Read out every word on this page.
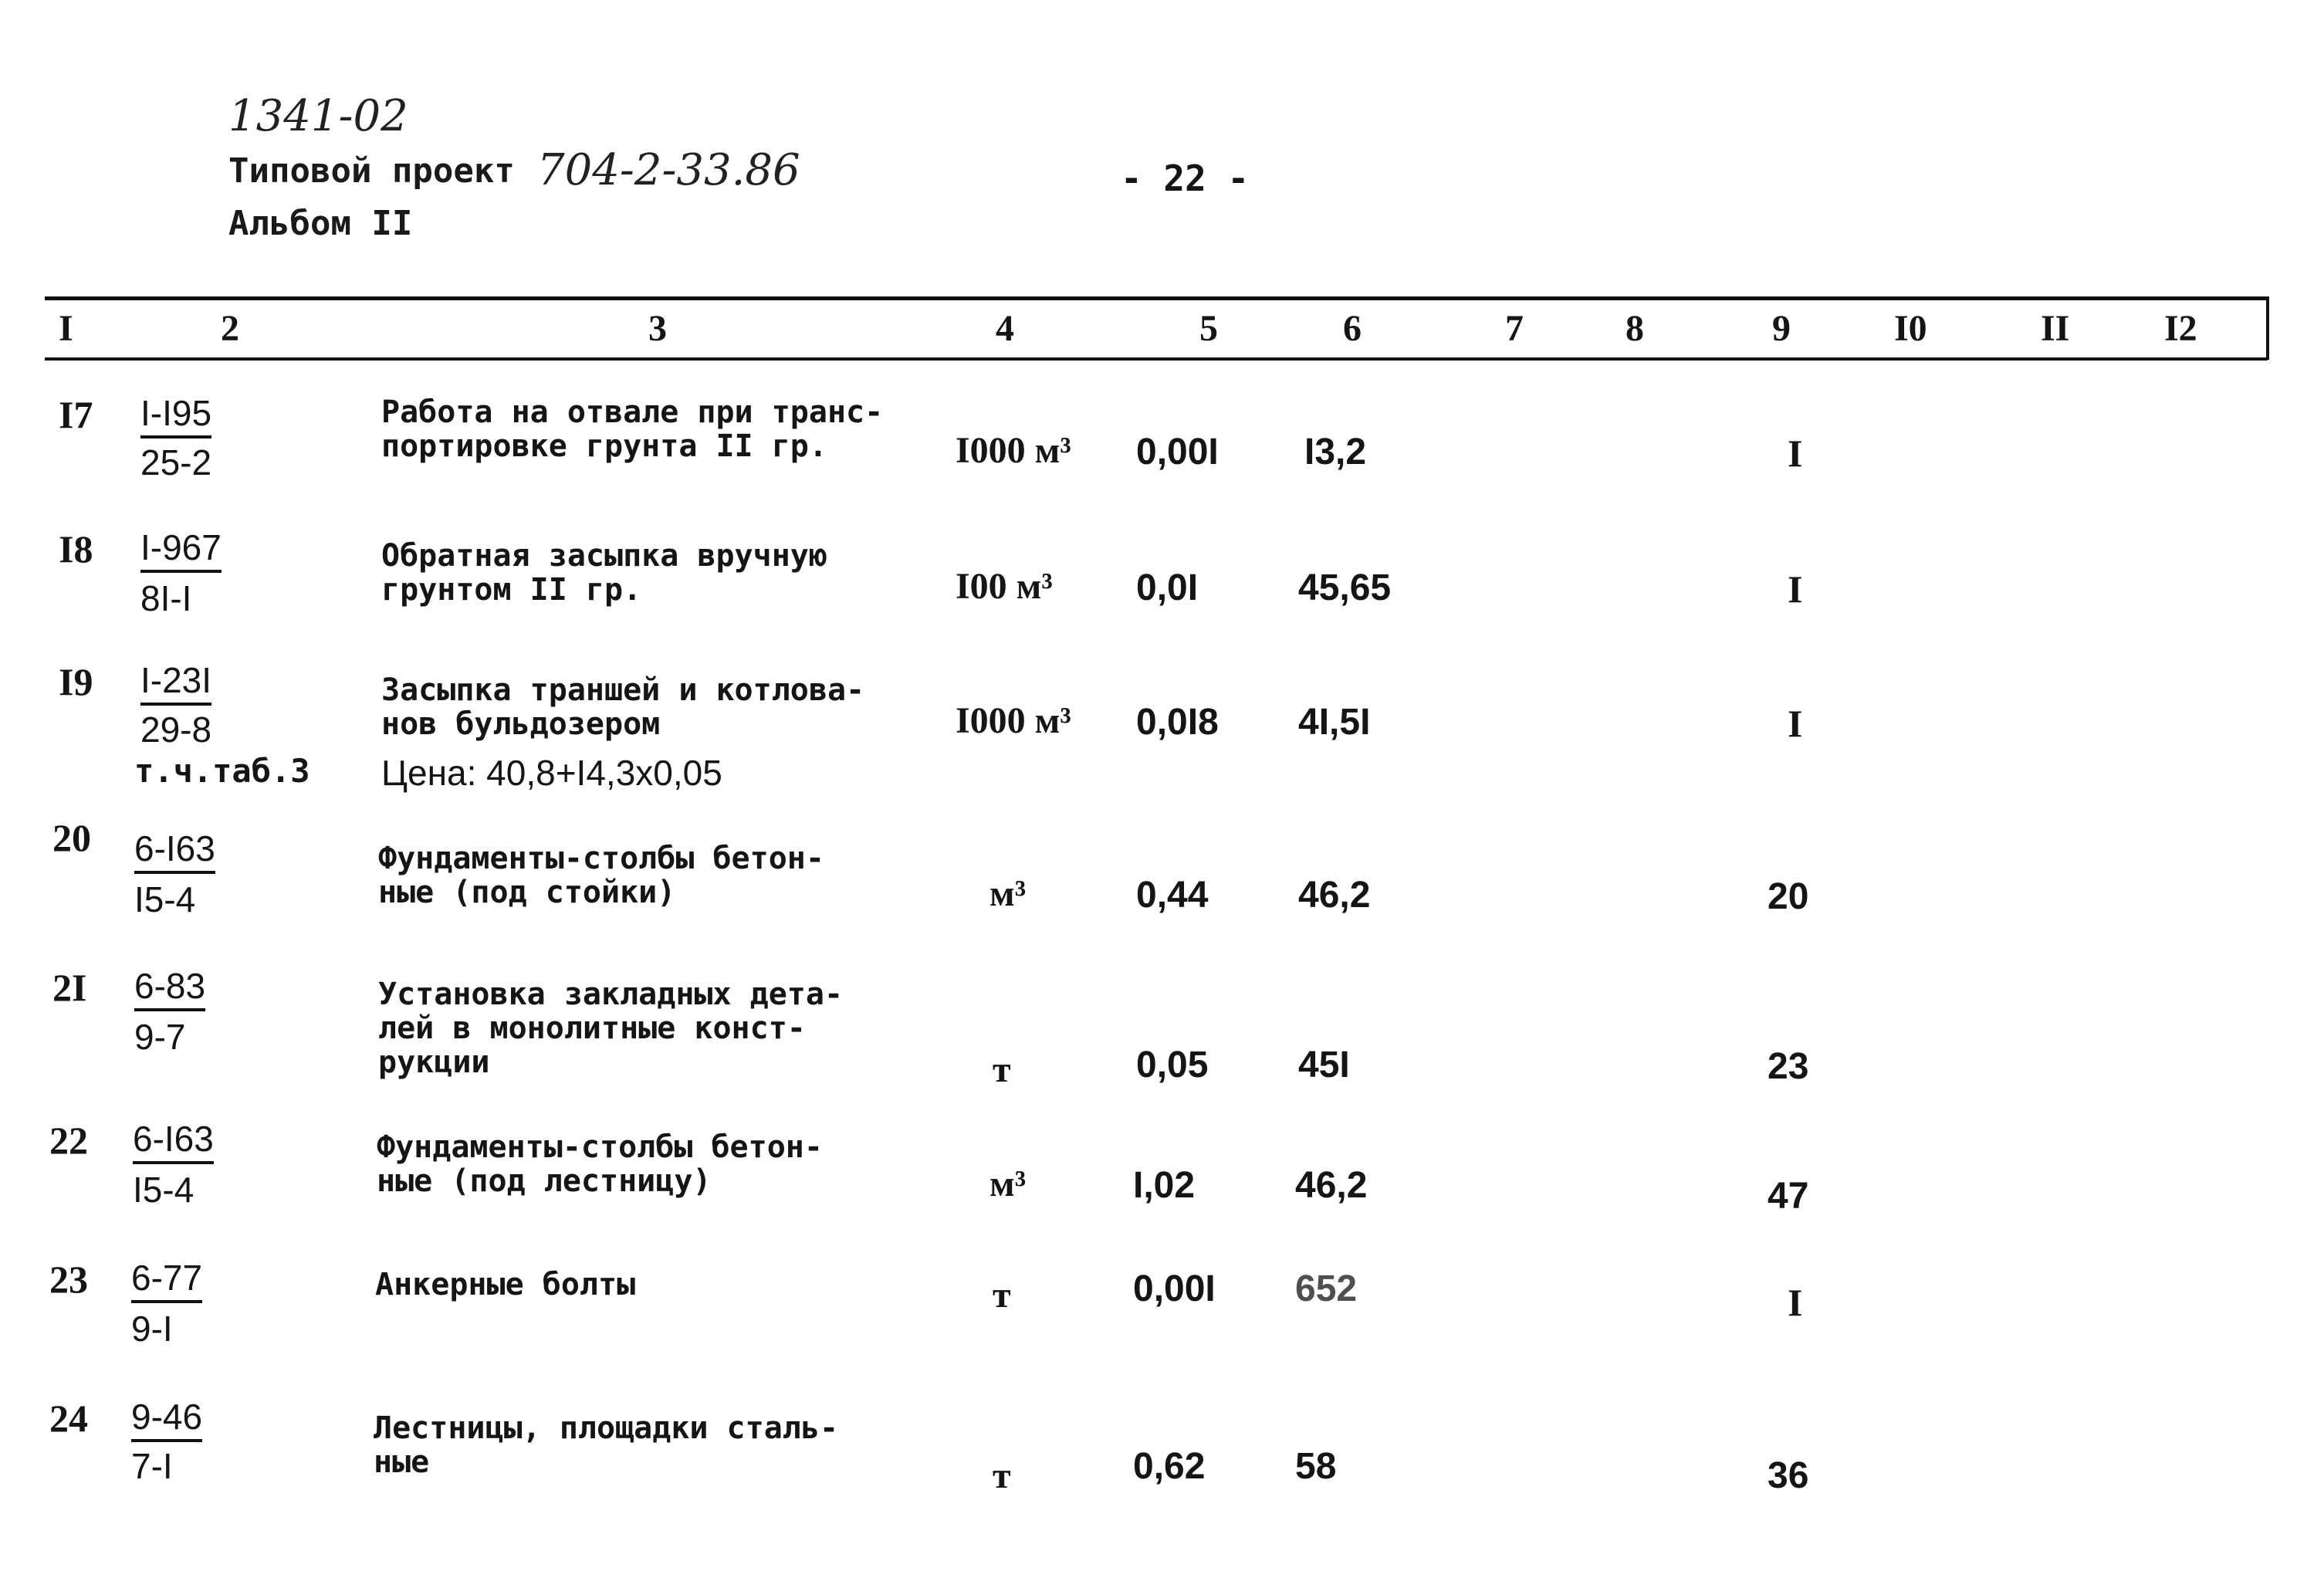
1341-02
Типовой проект 704-2-33.86
Альбом II
- 22 -
I	2	3	4	5	6	7	8	9	I0	II	I2
I7 I-I95
25-2
Работа на отвале при транс-
портировке грунта II гр.	I000 м³ 0,00I I3,2	I
I8 I-967
8I-I
Обратная засыпка вручную
грунтом II гр.	I00 м³ 0,0I	45,65	I
I9 I-23I
29-8
т.ч.таб.3
Засыпка траншей и котлова-
нов бульдозером
Цена: 40,8+I4,3x0,05
I000 м³ 0,0I8 4I,5I	I
20 6-I63
I5-4
Фундаменты-столбы бетон-
ные (под стойки)	м³	0,44 46,2	20
2I 6-83
9-7
Установка закладных дета-
лей в монолитные конст-
рукции	т	0,05 45I	23
22 6-I63
I5-4
Фундаменты-столбы бетон-
ные (под лестницу)	м³	I,02	46,2	47
23 6-77
9-I
Анкерные болты	т	0,00I 652	I
24 9-46
7-I
Лестницы, площадки сталь-
ные	т	0,62 58	36
